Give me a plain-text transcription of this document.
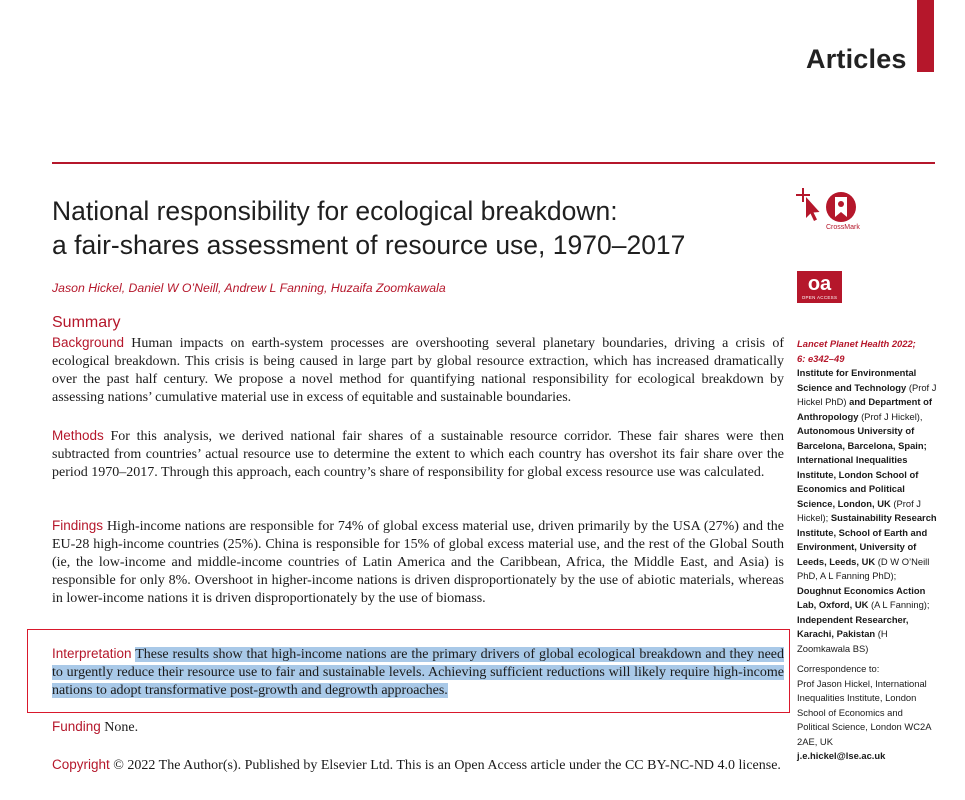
Articles
National responsibility for ecological breakdown:
a fair-shares assessment of resource use, 1970–2017
Jason Hickel, Daniel W O’Neill, Andrew L Fanning, Huzaifa Zoomkawala
CrossMark
oa
OPEN ACCESS
Summary
Background Human impacts on earth-system processes are overshooting several planetary boundaries, driving a crisis of ecological breakdown. This crisis is being caused in large part by global resource extraction, which has increased dramatically over the past half century. We propose a novel method for quantifying national responsibility for ecological breakdown by assessing nations’ cumulative material use in excess of equitable and sustainable boundaries.
Methods For this analysis, we derived national fair shares of a sustainable resource corridor. These fair shares were then subtracted from countries’ actual resource use to determine the extent to which each country has overshot its fair share over the period 1970–2017. Through this approach, each country’s share of responsibility for global excess resource use was calculated.
Findings High-income nations are responsible for 74% of global excess material use, driven primarily by the USA (27%) and the EU-28 high-income countries (25%). China is responsible for 15% of global excess material use, and the rest of the Global South (ie, the low-income and middle-income countries of Latin America and the Caribbean, Africa, the Middle East, and Asia) is responsible for only 8%. Overshoot in higher-income nations is driven disproportionately by the use of abiotic materials, whereas in lower-income nations it is driven disproportionately by the use of biomass.
Interpretation These results show that high-income nations are the primary drivers of global ecological breakdown and they need to urgently reduce their resource use to fair and sustainable levels. Achieving sufficient reductions will likely require high-income nations to adopt transformative post-growth and degrowth approaches.
Funding None.
Copyright © 2022 The Author(s). Published by Elsevier Ltd. This is an Open Access article under the CC BY-NC-ND 4.0 license.
Lancet Planet Health 2022;
6: e342–49
Institute for Environmental Science and Technology (Prof J Hickel PhD) and Department of Anthropology (Prof J Hickel), Autonomous University of Barcelona, Barcelona, Spain; International Inequalities Institute, London School of Economics and Political Science, London, UK (Prof J Hickel); Sustainability Research Institute, School of Earth and Environment, University of Leeds, Leeds, UK (D W O’Neill PhD, A L Fanning PhD); Doughnut Economics Action Lab, Oxford, UK (A L Fanning); Independent Researcher, Karachi, Pakistan (H Zoomkawala BS)
Correspondence to:
Prof Jason Hickel, International Inequalities Institute, London School of Economics and Political Science, London WC2A 2AE, UK
j.e.hickel@lse.ac.uk
